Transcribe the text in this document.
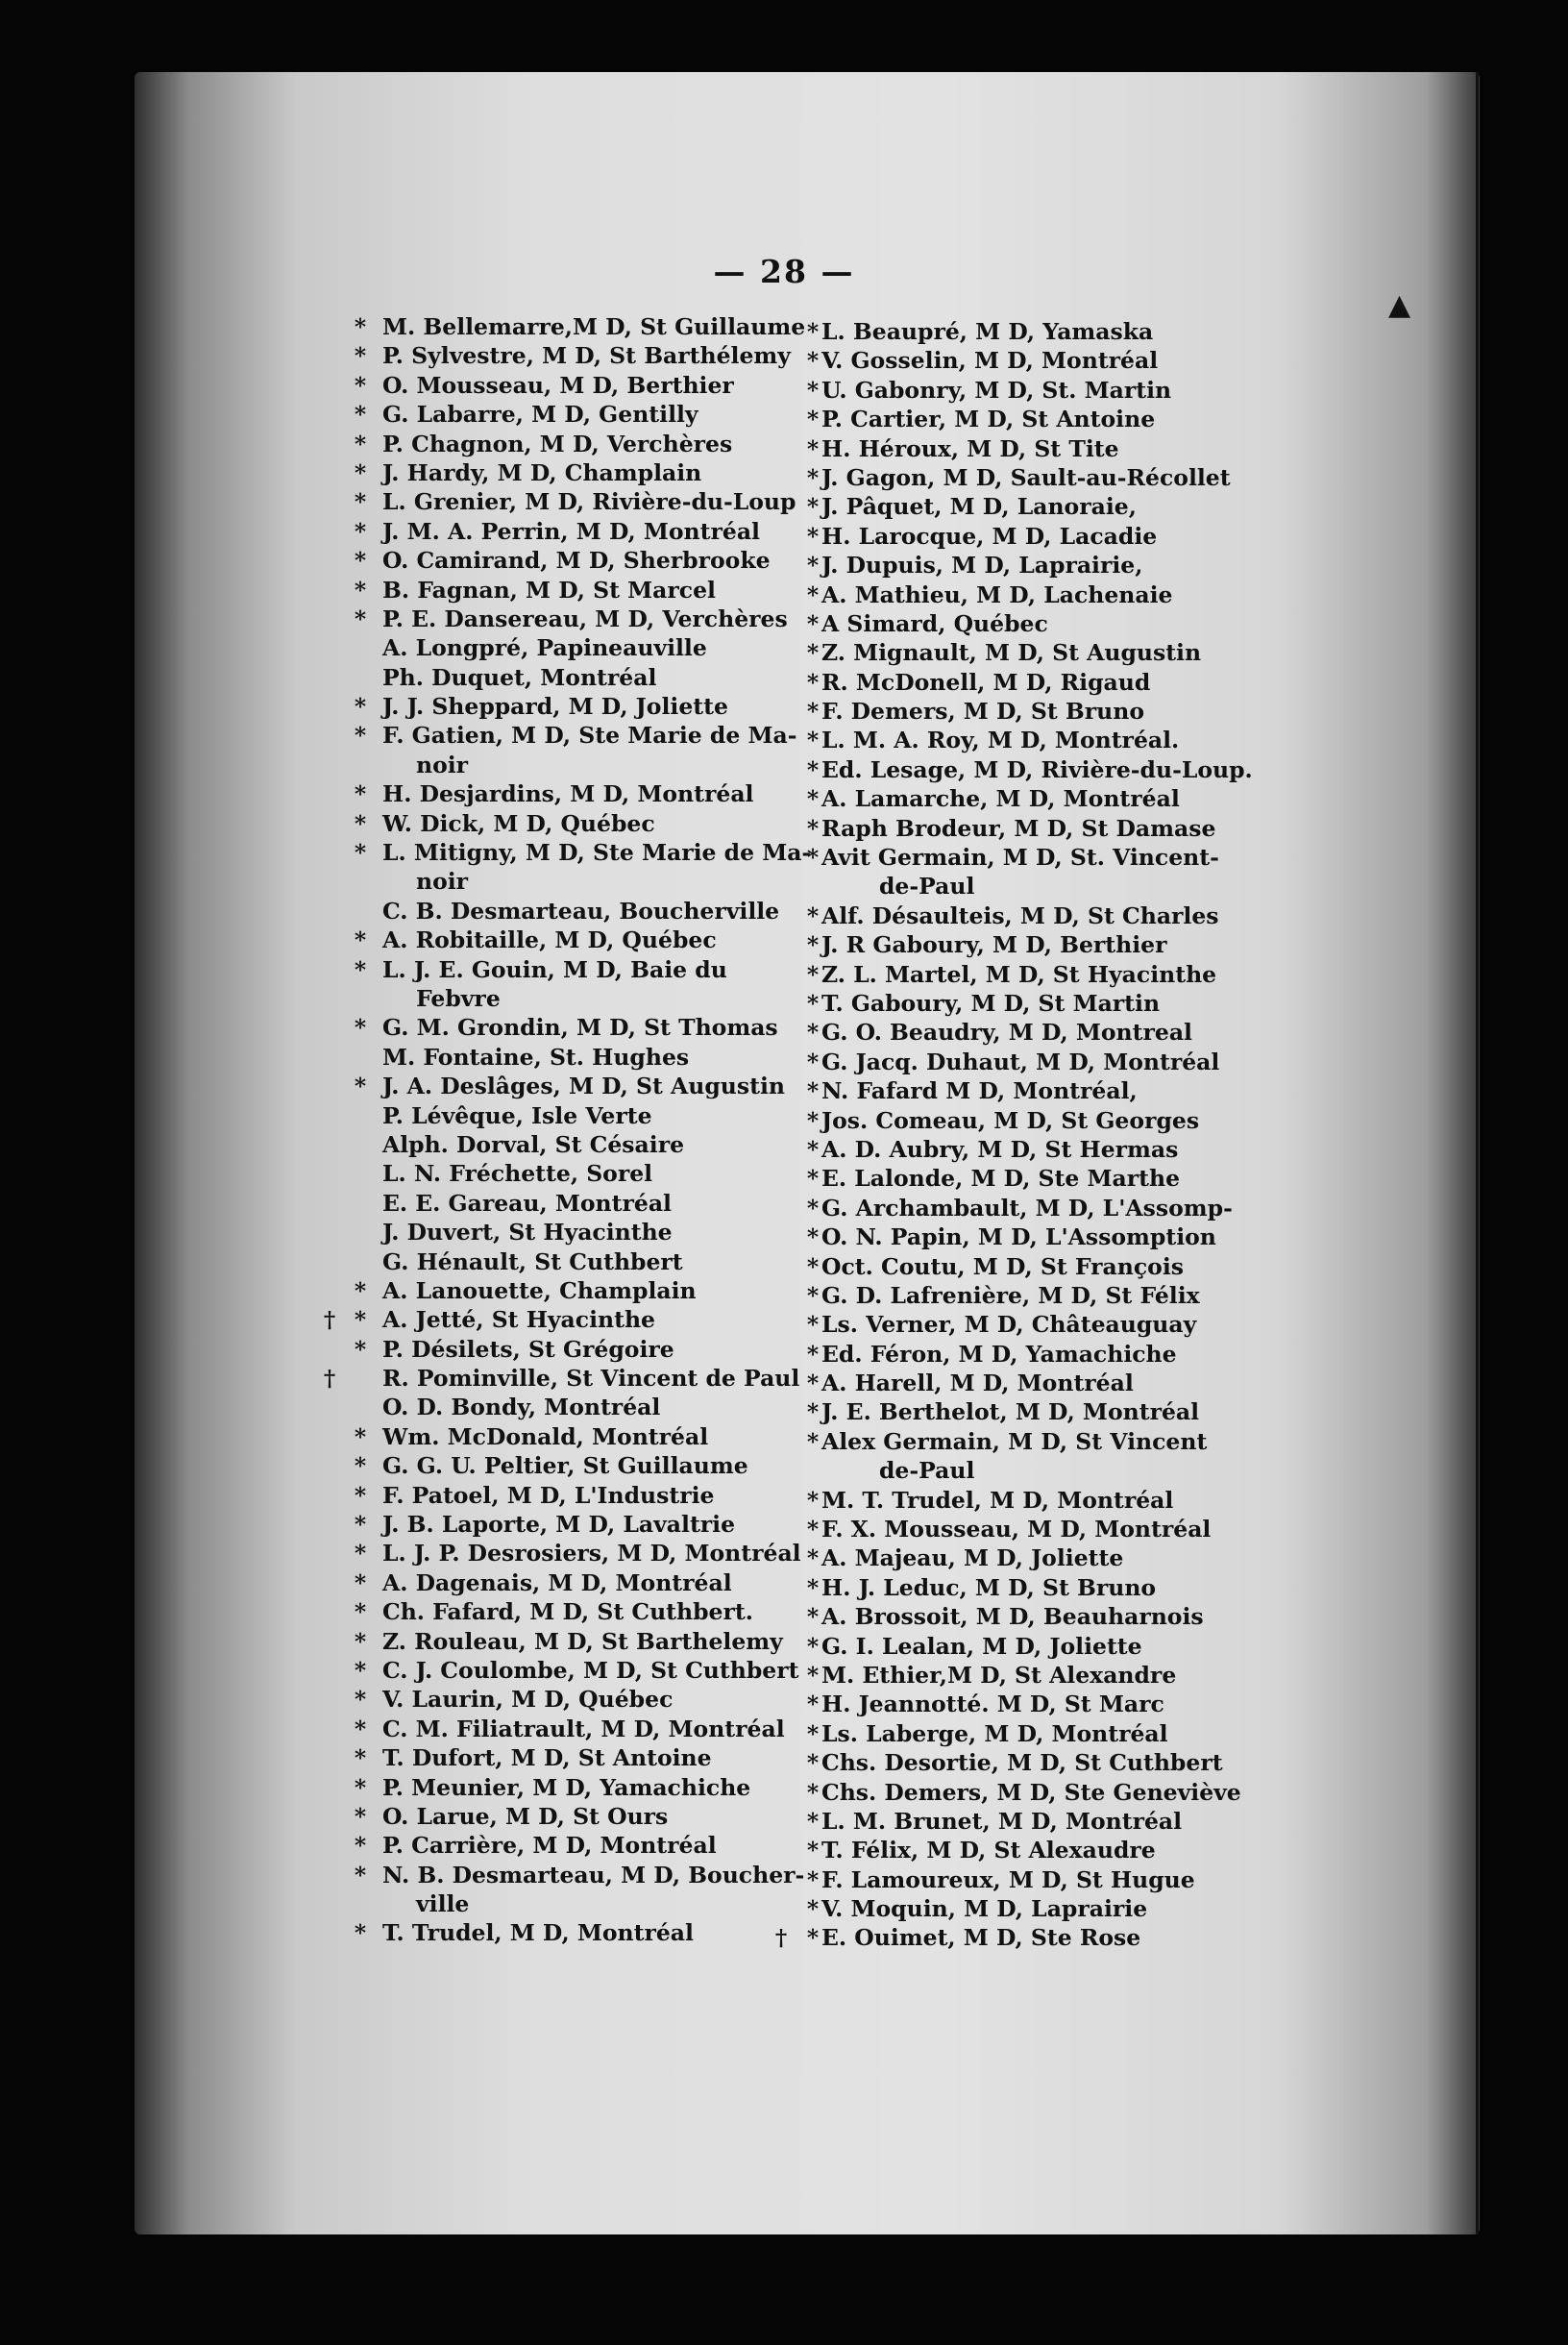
— 28 —
* M. Bellemarre,M D, St Guillaume
* P. Sylvestre, M D, St Barthélemy
* O. Mousseau, M D, Berthier
* G. Labarre, M D, Gentilly
* P. Chagnon, M D, Verchères
* J. Hardy, M D, Champlain
* L. Grenier, M D, Rivière-du-Loup
* J. M. A. Perrin, M D, Montréal
* O. Camirand, M D, Sherbrooke
* B. Fagnan, M D, St Marcel
* P. E. Dansereau, M D, Verchères
A. Longpré, Papineauville
Ph. Duquet, Montréal
* J. J. Sheppard, M D, Joliette
* F. Gatien, M D, Ste Marie de Ma-
noir
* H. Desjardins, M D, Montréal
* W. Dick, M D, Québec
* L. Mitigny, M D, Ste Marie de Ma-
noir
C. B. Desmarteau, Boucherville
* A. Robitaille, M D, Québec
* L. J. E. Gouin, M D, Baie du
Febvre
* G. M. Grondin, M D, St Thomas
M. Fontaine, St. Hughes
* J. A. Deslâges, M D, St Augustin
P. Lévêque, Isle Verte
Alph. Dorval, St Césaire
L. N. Fréchette, Sorel
E. E. Gareau, Montréal
J. Duvert, St Hyacinthe
G. Hénault, St Cuthbert
* A. Lanouette, Champlain
† * A. Jetté, St Hyacinthe
* P. Désilets, St Grégoire
† R. Pominville, St Vincent de Paul
O. D. Bondy, Montréal
* Wm. McDonald, Montréal
* G. G. U. Peltier, St Guillaume
* F. Patoel, M D, L'Industrie
* J. B. Laporte, M D, Lavaltrie
* L. J. P. Desrosiers, M D, Montréal
* A. Dagenais, M D, Montréal
* Ch. Fafard, M D, St Cuthbert.
* Z. Rouleau, M D, St Barthelemy
* C. J. Coulombe, M D, St Cuthbert
* V. Laurin, M D, Québec
* C. M. Filiatrault, M D, Montréal
* T. Dufort, M D, St Antoine
* P. Meunier, M D, Yamachiche
* O. Larue, M D, St Ours
* P. Carrière, M D, Montréal
* N. B. Desmarteau, M D, Boucher-
ville
* T. Trudel, M D, Montréal
* L. Beaupré, M D, Yamaska
* V. Gosselin, M D, Montréal
* U. Gabonry, M D, St. Martin
* P. Cartier, M D, St Antoine
* H. Héroux, M D, St Tite
* J. Gagon, M D, Sault-au-Récollet
* J. Pâquet, M D, Lanoraie,
* H. Larocque, M D, Lacadie
* J. Dupuis, M D, Laprairie,
* A. Mathieu, M D, Lachenaie
* A Simard, Québec
* Z. Mignault, M D, St Augustin
* R. McDonell, M D, Rigaud
* F. Demers, M D, St Bruno
* L. M. A. Roy, M D, Montréal.
* Ed. Lesage, M D, Rivière-du-Loup.
* A. Lamarche, M D, Montréal
* Raph Brodeur, M D, St Damase
* Avit Germain, M D, St. Vincent-
de-Paul
* Alf. Désaulteis, M D, St Charles
* J. R Gaboury, M D, Berthier
* Z. L. Martel, M D, St Hyacinthe
* T. Gaboury, M D, St Martin
* G. O. Beaudry, M D, Montreal
* G. Jacq. Duhaut, M D, Montréal
* N. Fafard M D, Montréal,
* Jos. Comeau, M D, St Georges
* A. D. Aubry, M D, St Hermas
* E. Lalonde, M D, Ste Marthe
* G. Archambault, M D, L'Assomp-
* O. N. Papin, M D, L'Assomption
* Oct. Coutu, M D, St François
* G. D. Lafrenière, M D, St Félix
* Ls. Verner, M D, Châteauguay
* Ed. Féron, M D, Yamachiche
* A. Harell, M D, Montréal
* J. E. Berthelot, M D, Montréal
* Alex Germain, M D, St Vincent
de-Paul
* M. T. Trudel, M D, Montréal
* F. X. Mousseau, M D, Montréal
* A. Majeau, M D, Joliette
* H. J. Leduc, M D, St Bruno
* A. Brossoit, M D, Beauharnois
* G. I. Lealan, M D, Joliette
* M. Ethier,M D, St Alexandre
* H. Jeannotté. M D, St Marc
* Ls. Laberge, M D, Montréal
* Chs. Desortie, M D, St Cuthbert
* Chs. Demers, M D, Ste Geneviève
* L. M. Brunet, M D, Montréal
* T. Félix, M D, St Alexaudre
* F. Lamoureux, M D, St Hugue
* V. Moquin, M D, Laprairie
† * E. Ouimet, M D, Ste Rose
▲
